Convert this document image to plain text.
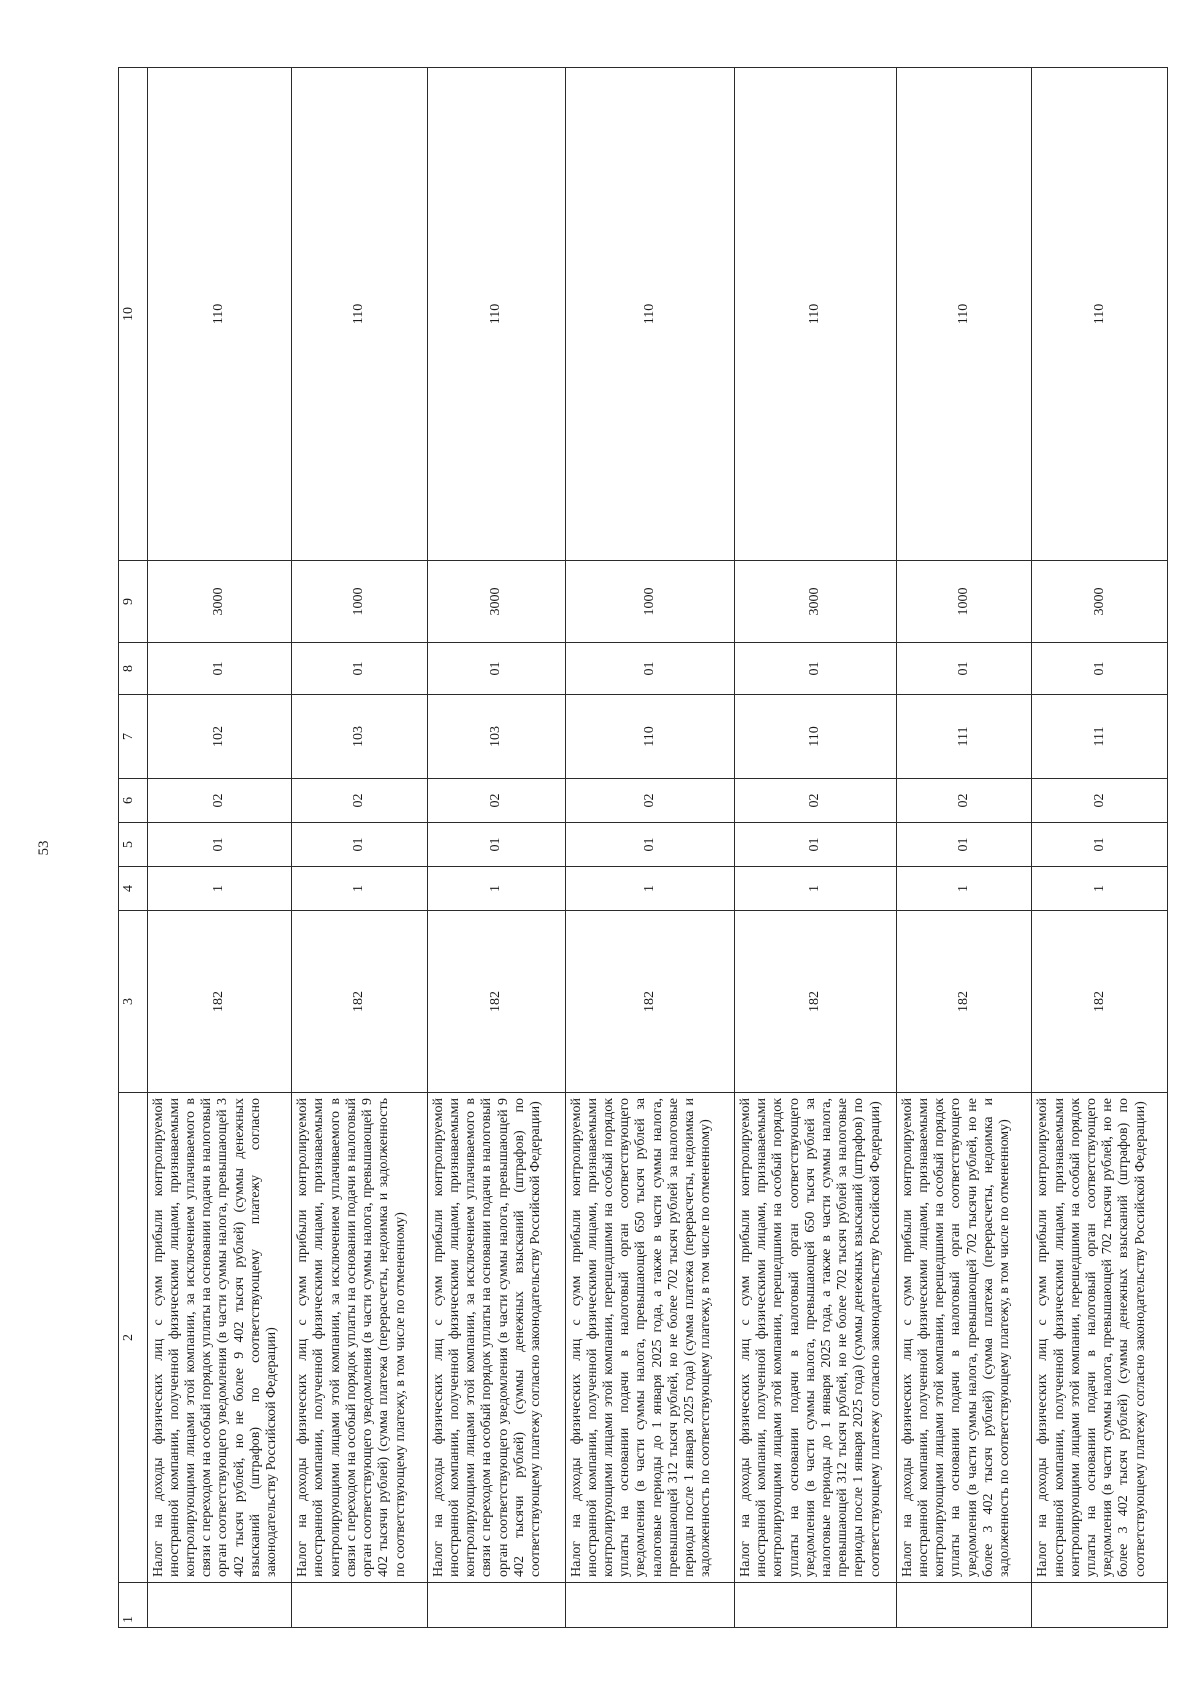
53
1	2	3	4	5	6	7	8	9	10
	Налог на доходы физических лиц с сумм прибыли контролируемой иностранной компании, полученной физическими лицами, признаваемыми контролирующими лицами этой компании, за исключением уплачиваемого в связи с переходом на особый порядок уплаты на основании подачи в налоговый орган соответствующего уведомления (в части суммы налога, превышающей 3 402 тысяч рублей, но не более 9 402 тысяч рублей) (суммы денежных взысканий (штрафов) по соответствующему платежу согласно законодательству Российской Федерации)	182	1	01	02	102	01	3000	110
	Налог на доходы физических лиц с сумм прибыли контролируемой иностранной компании, полученной физическими лицами, признаваемыми контролирующими лицами этой компании, за исключением уплачиваемого в связи с переходом на особый порядок уплаты на основании подачи в налоговый орган соответствующего уведомления (в части суммы налога, превышающей 9 402 тысячи рублей) (сумма платежа (перерасчеты, недоимка и задолженность по соответствующему платежу, в том числе по отмененному)	182	1	01	02	103	01	1000	110
	Налог на доходы физических лиц с сумм прибыли контролируемой иностранной компании, полученной физическими лицами, признаваемыми контролирующими лицами этой компании, за исключением уплачиваемого в связи с переходом на особый порядок уплаты на основании подачи в налоговый орган соответствующего уведомления (в части суммы налога, превышающей 9 402 тысячи рублей) (суммы денежных взысканий (штрафов) по соответствующему платежу согласно законодательству Российской Федерации)	182	1	01	02	103	01	3000	110
	Налог на доходы физических лиц с сумм прибыли контролируемой иностранной компании, полученной физическими лицами, признаваемыми контролирующими лицами этой компании, перешедшими на особый порядок уплаты на основании подачи в налоговый орган соответствующего уведомления (в части суммы налога, превышающей 650 тысяч рублей за налоговые периоды до 1 января 2025 года, а также в части суммы налога, превышающей 312 тысяч рублей, но не более 702 тысяч рублей за налоговые периоды после 1 января 2025 года) (сумма платежа (перерасчеты, недоимка и задолженность по соответствующему платежу, в том числе по отмененному)	182	1	01	02	110	01	1000	110
	Налог на доходы физических лиц с сумм прибыли контролируемой иностранной компании, полученной физическими лицами, признаваемыми контролирующими лицами этой компании, перешедшими на особый порядок уплаты на основании подачи в налоговый орган соответствующего уведомления (в части суммы налога, превышающей 650 тысяч рублей за налоговые периоды до 1 января 2025 года, а также в части суммы налога, превышающей 312 тысяч рублей, но не более 702 тысяч рублей за налоговые периоды после 1 января 2025 года) (суммы денежных взысканий (штрафов) по соответствующему платежу согласно законодательству Российской Федерации)	182	1	01	02	110	01	3000	110
	Налог на доходы физических лиц с сумм прибыли контролируемой иностранной компании, полученной физическими лицами, признаваемыми контролирующими лицами этой компании, перешедшими на особый порядок уплаты на основании подачи в налоговый орган соответствующего уведомления (в части суммы налога, превышающей 702 тысячи рублей, но не более 3 402 тысяч рублей) (сумма платежа (перерасчеты, недоимка и задолженность по соответствующему платежу, в том числе по отмененному)	182	1	01	02	111	01	1000	110
	Налог на доходы физических лиц с сумм прибыли контролируемой иностранной компании, полученной физическими лицами, признаваемыми контролирующими лицами этой компании, перешедшими на особый порядок уплаты на основании подачи в налоговый орган соответствующего уведомления (в части суммы налога, превышающей 702 тысячи рублей, но не более 3 402 тысяч рублей) (суммы денежных взысканий (штрафов) по соответствующему платежу согласно законодательству Российской Федерации)	182	1	01	02	111	01	3000	110
